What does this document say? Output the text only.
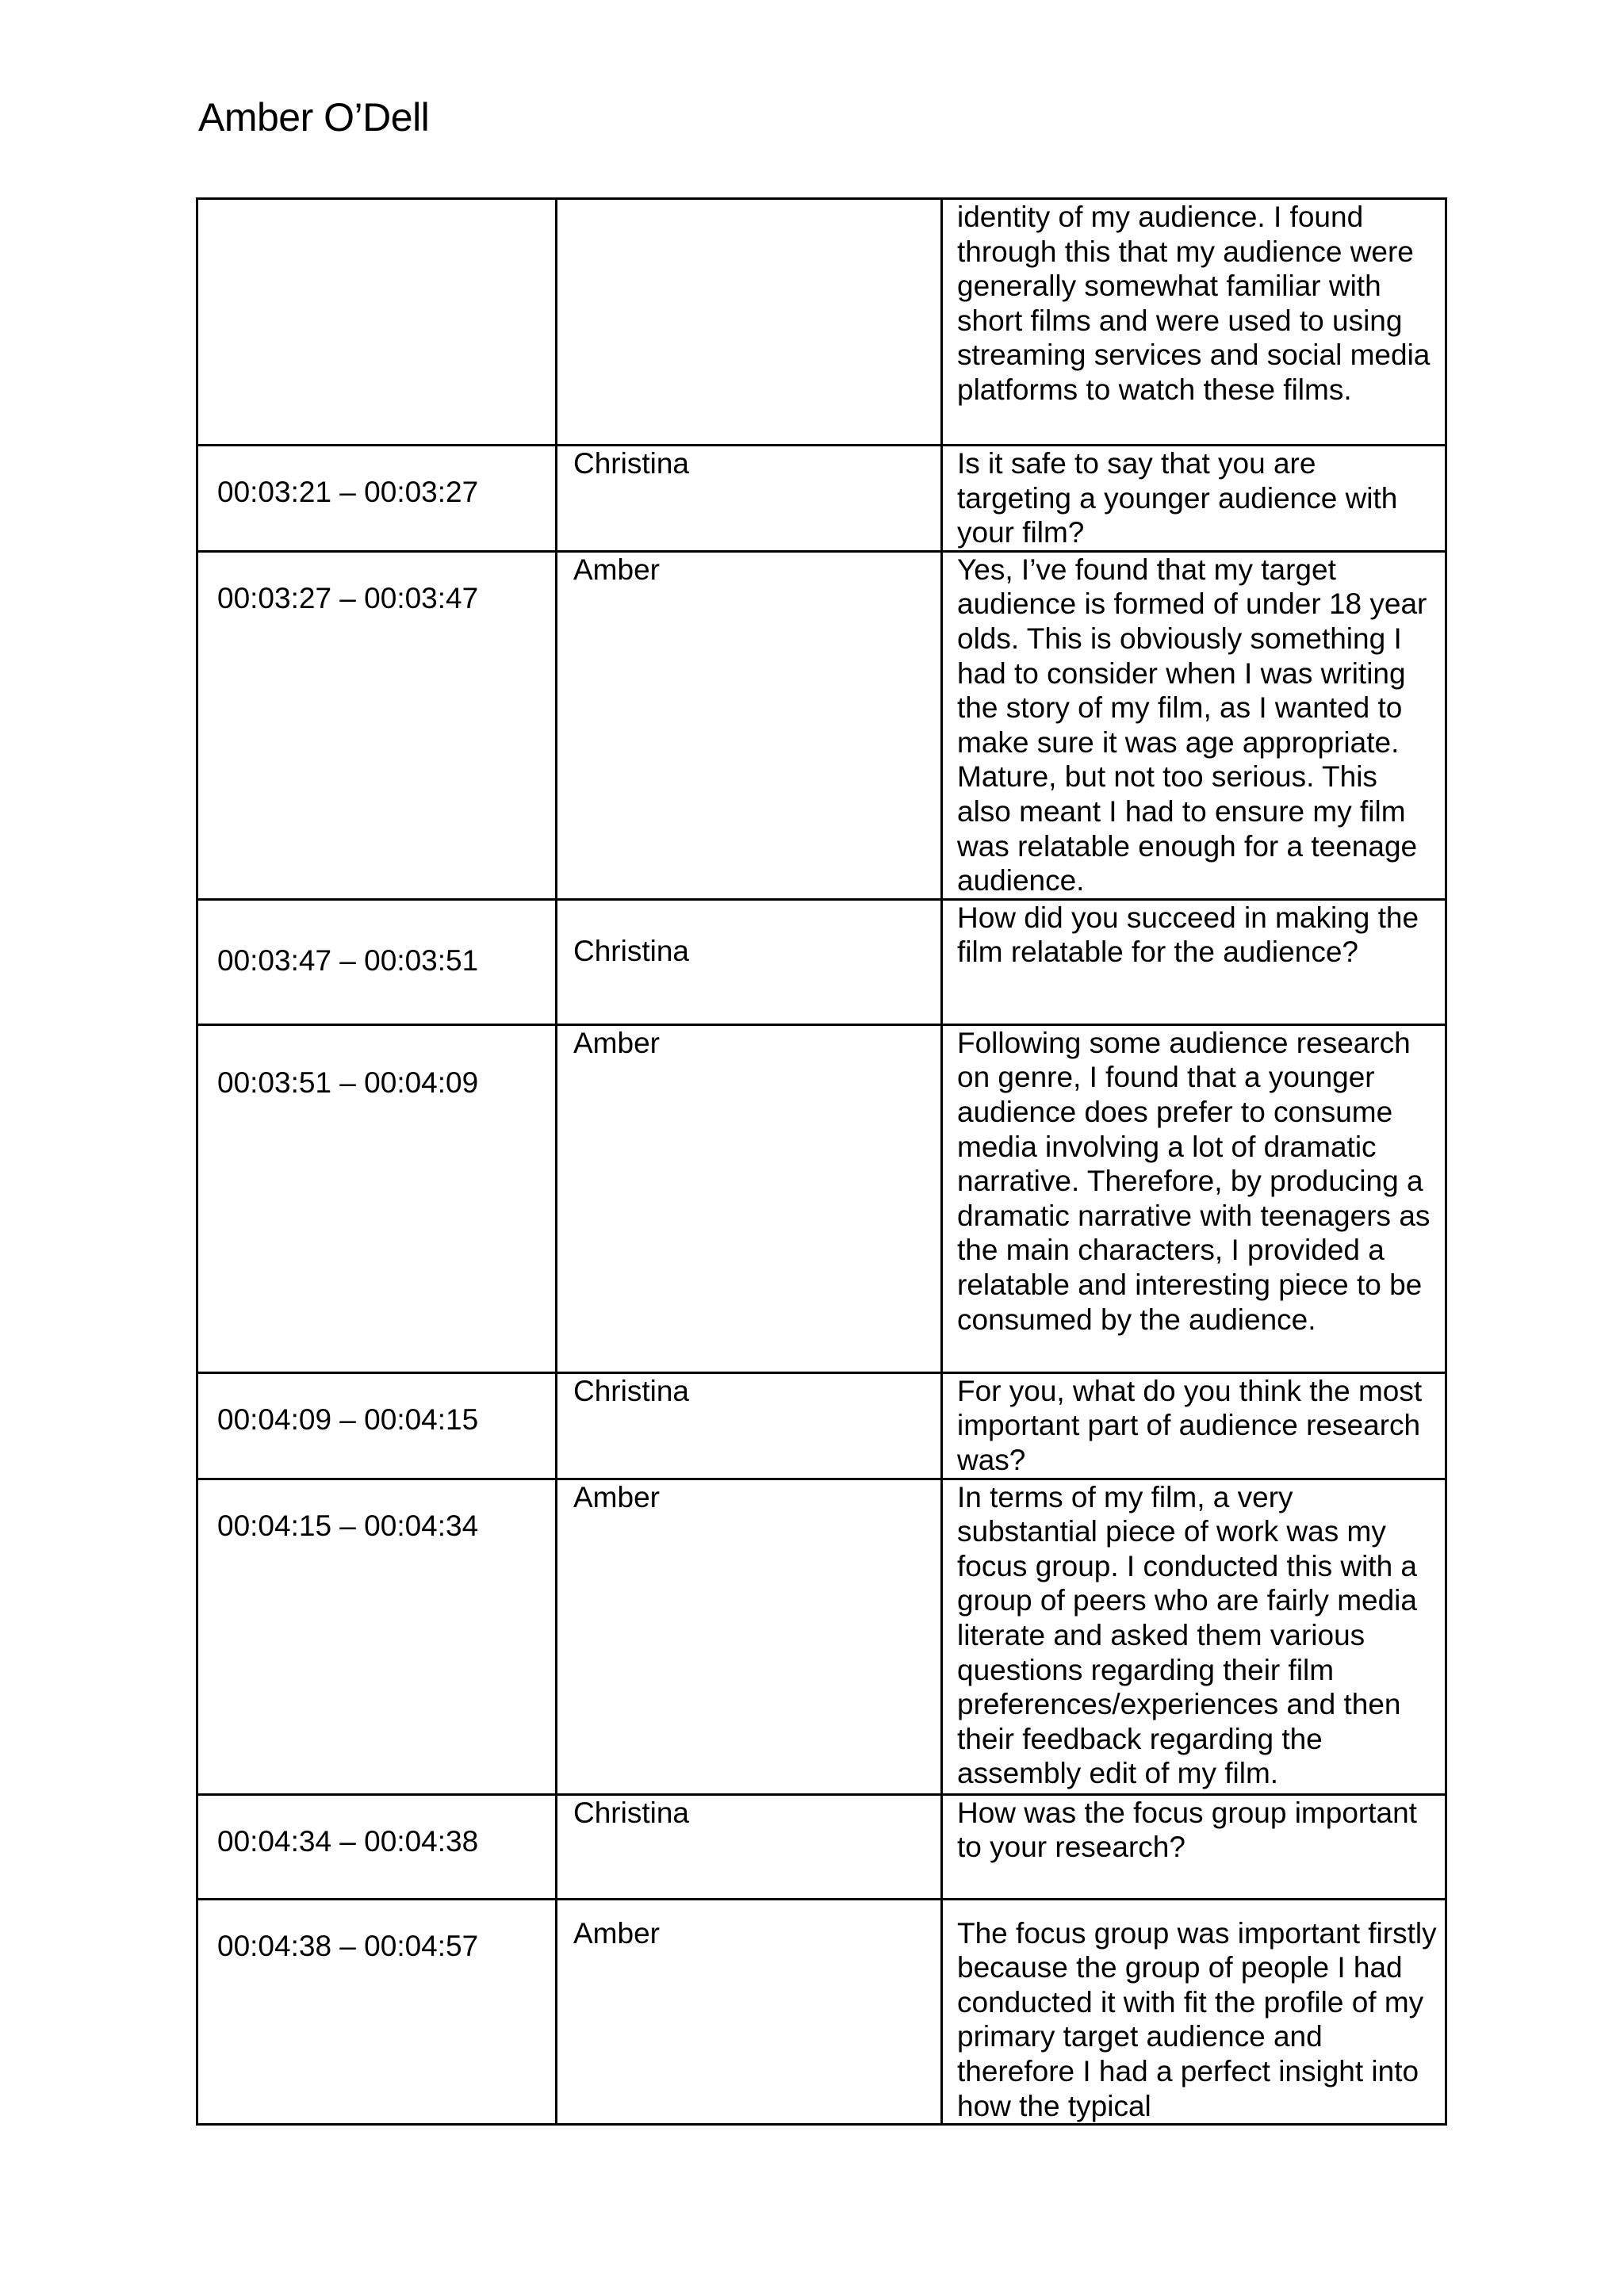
Amber O’Dell

		identity of my audience. I found through this that my audience were generally somewhat familiar with short films and were used to using streaming services and social media platforms to watch these films.

00:03:21 – 00:03:27	Christina	Is it safe to say that you are targeting a younger audience with your film?

00:03:27 – 00:03:47	Amber	Yes, I’ve found that my target audience is formed of under 18 year olds. This is obviously something I had to consider when I was writing the story of my film, as I wanted to make sure it was age appropriate. Mature, but not too serious. This also meant I had to ensure my film was relatable enough for a teenage audience.

00:03:47 – 00:03:51	Christina	How did you succeed in making the film relatable for the audience?

00:03:51 – 00:04:09	Amber	Following some audience research on genre, I found that a younger audience does prefer to consume media involving a lot of dramatic narrative. Therefore, by producing a dramatic narrative with teenagers as the main characters, I provided a relatable and interesting piece to be consumed by the audience.

00:04:09 – 00:04:15	Christina	For you, what do you think the most important part of audience research was?

00:04:15 – 00:04:34	Amber	In terms of my film, a very substantial piece of work was my focus group. I conducted this with a group of peers who are fairly media literate and asked them various questions regarding their film preferences/experiences and then their feedback regarding the assembly edit of my film.

00:04:34 – 00:04:38	Christina	How was the focus group important to your research?

00:04:38 – 00:04:57	Amber	The focus group was important firstly because the group of people I had conducted it with fit the profile of my primary target audience and therefore I had a perfect insight into how the typical
